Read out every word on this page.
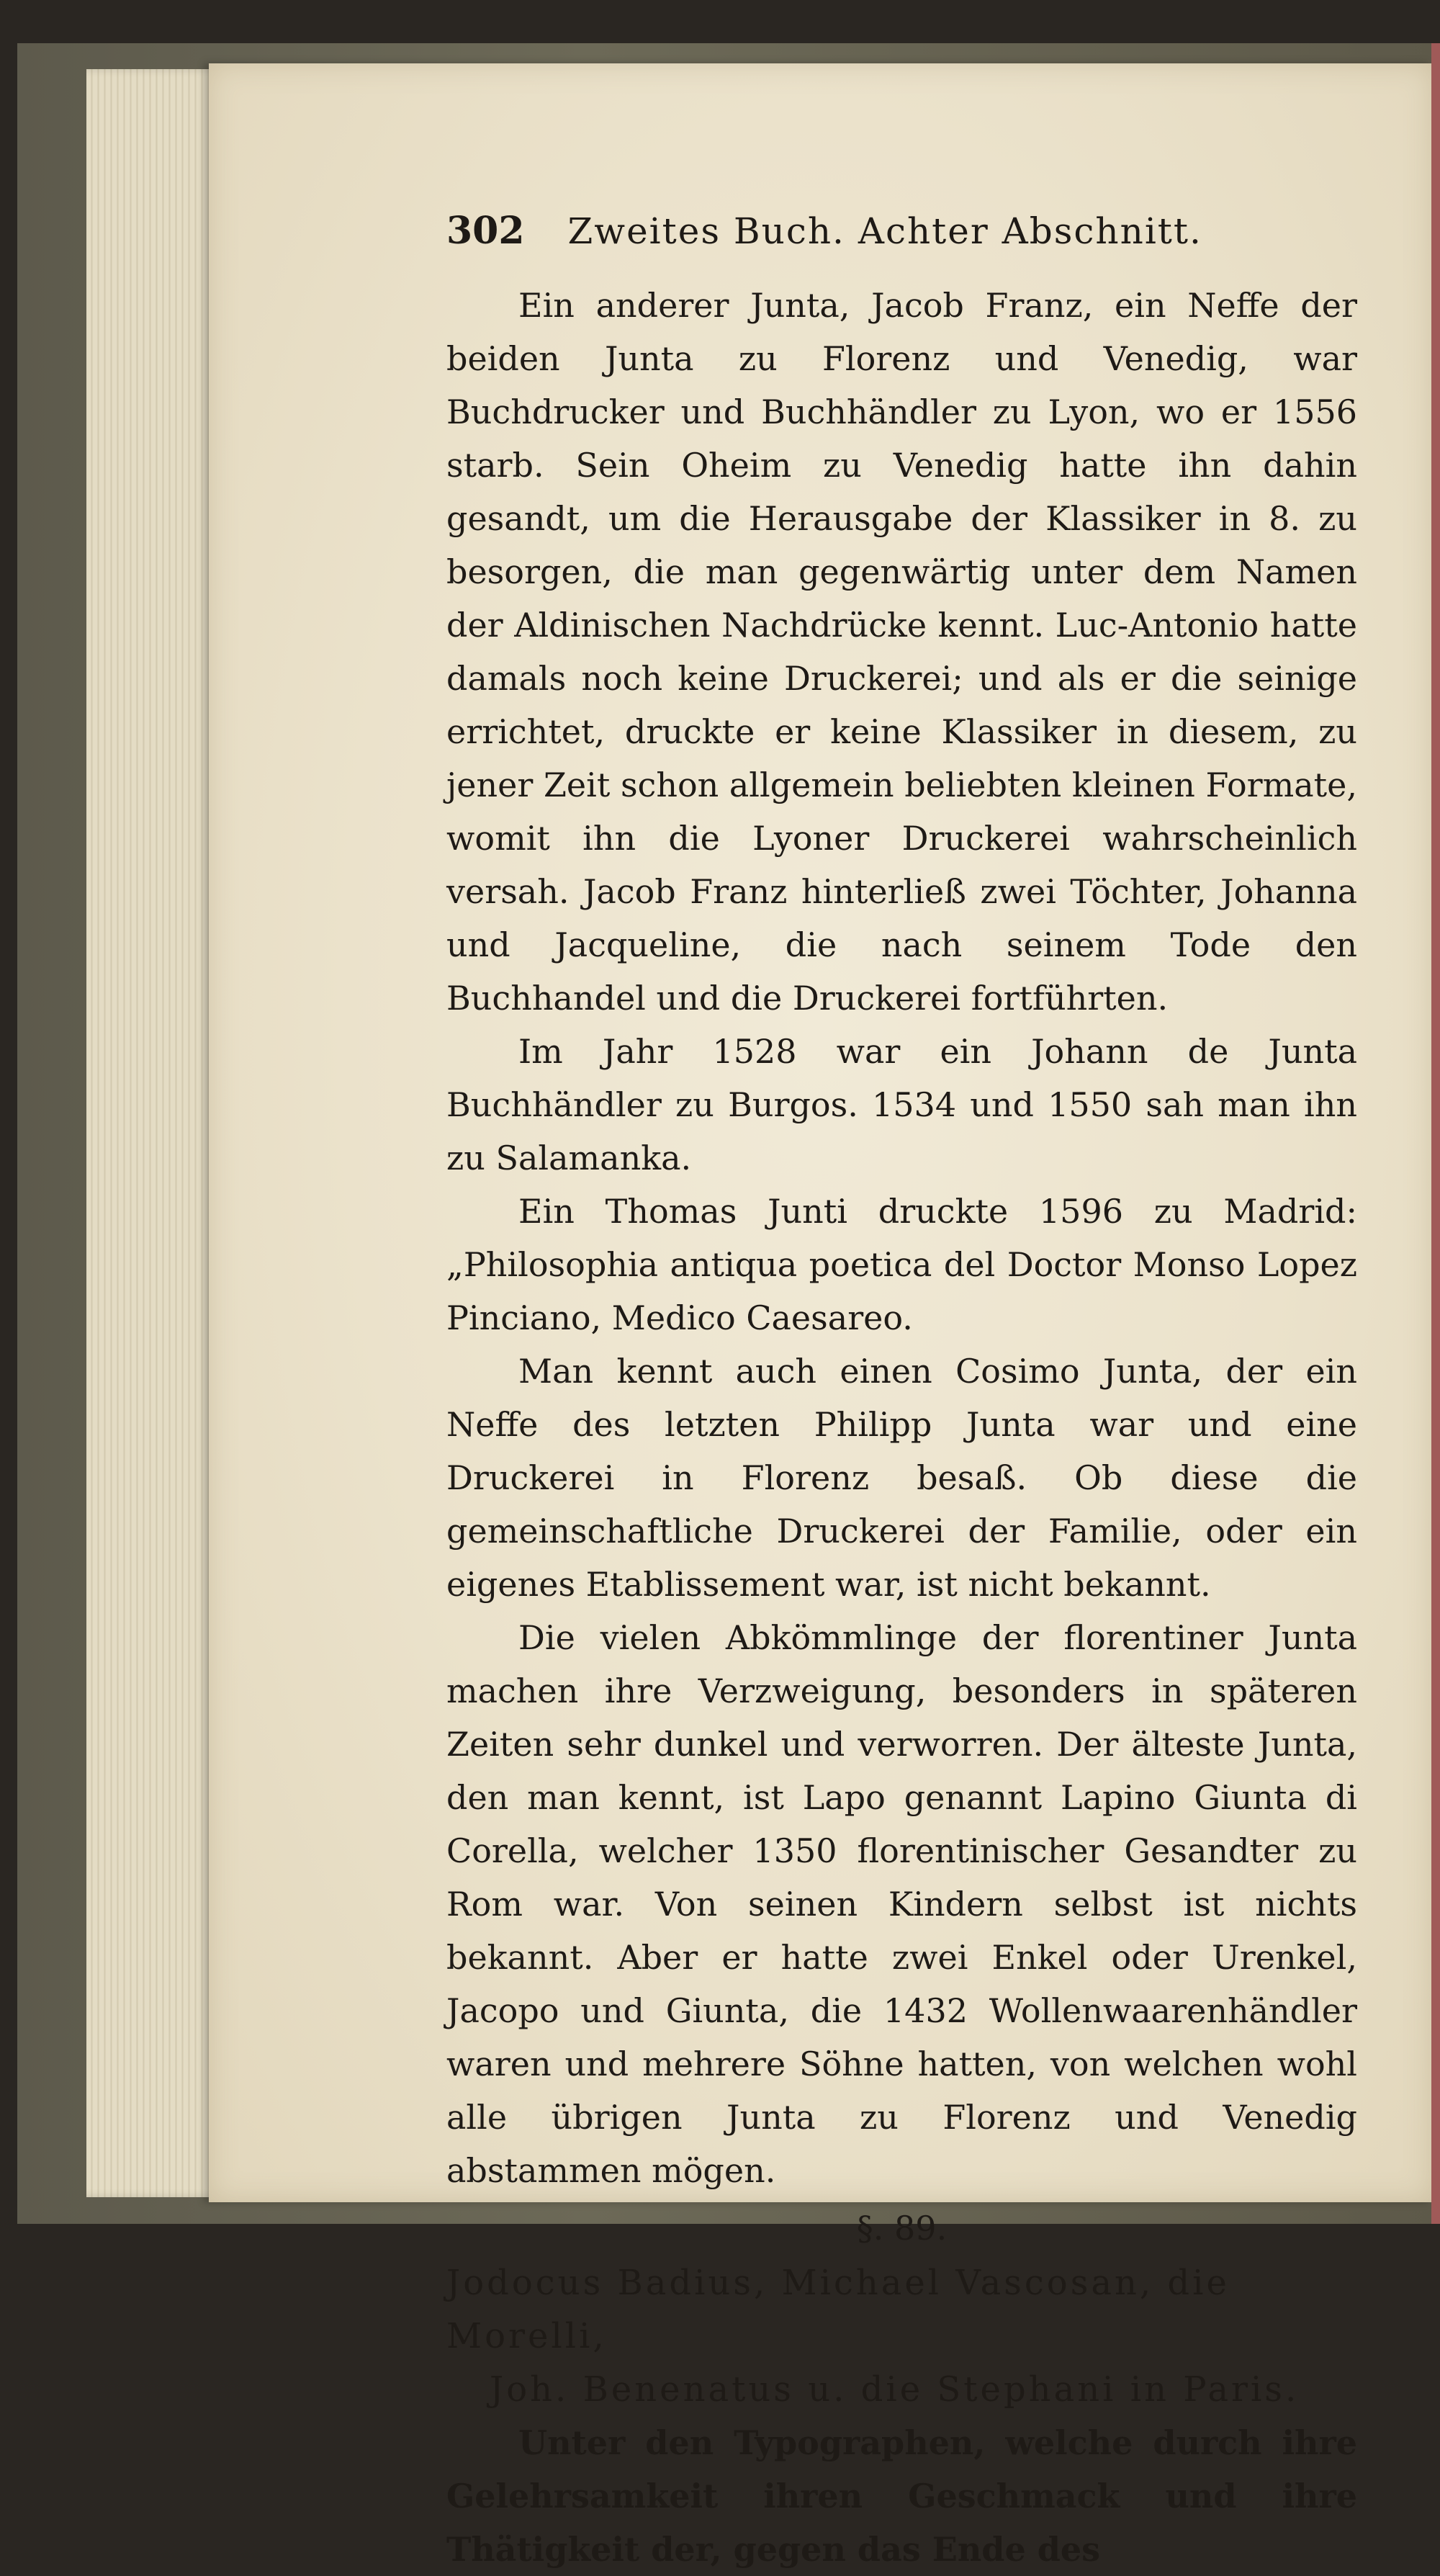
302 Zweites Buch. Achter Abschnitt.

Ein anderer Junta, Jacob Franz, ein Neffe der beiden Junta zu Florenz und Venedig, war Buchdrucker und Buchhändler zu Lyon, wo er 1556 starb. Sein Oheim zu Venedig hatte ihn dahin gesandt, um die Herausgabe der Klassiker in 8. zu besorgen, die man gegenwärtig unter dem Namen der Aldinischen Nachdrücke kennt. Luc-Antonio hatte damals noch keine Druckerei; und als er die seinige errichtet, druckte er keine Klassiker in diesem, zu jener Zeit schon allgemein beliebten kleinen Formate, womit ihn die Lyoner Druckerei wahrscheinlich versah. Jacob Franz hinterließ zwei Töchter, Johanna und Jacqueline, die nach seinem Tode den Buchhandel und die Druckerei fortführten.

Im Jahr 1528 war ein Johann de Junta Buchhändler zu Burgos. 1534 und 1550 sah man ihn zu Salamanka.

Ein Thomas Junti druckte 1596 zu Madrid: „Philosophia antiqua poetica del Doctor Monso Lopez Pinciano, Medico Caesareo.

Man kennt auch einen Cosimo Junta, der ein Neffe des letzten Philipp Junta war und eine Druckerei in Florenz besaß. Ob diese die gemeinschaftliche Druckerei der Familie, oder ein eigenes Etablissement war, ist nicht bekannt.

Die vielen Abkömmlinge der florentiner Junta machen ihre Verzweigung, besonders in späteren Zeiten sehr dunkel und verworren. Der älteste Junta, den man kennt, ist Lapo genannt Lapino Giunta di Corella, welcher 1350 florentinischer Gesandter zu Rom war. Von seinen Kindern selbst ist nichts bekannt. Aber er hatte zwei Enkel oder Urenkel, Jacopo und Giunta, die 1432 Wollenwaarenhändler waren und mehrere Söhne hatten, von welchen wohl alle übrigen Junta zu Florenz und Venedig abstammen mögen.

§. 89.

Jodocus Badius, Michael Vascosan, die Morelli,

Joh. Benenatus u. die Stephani in Paris.

Unter den Typographen, welche durch ihre Gelehrsamkeit ihren Geschmack und ihre Thätigkeit der, gegen das Ende des
